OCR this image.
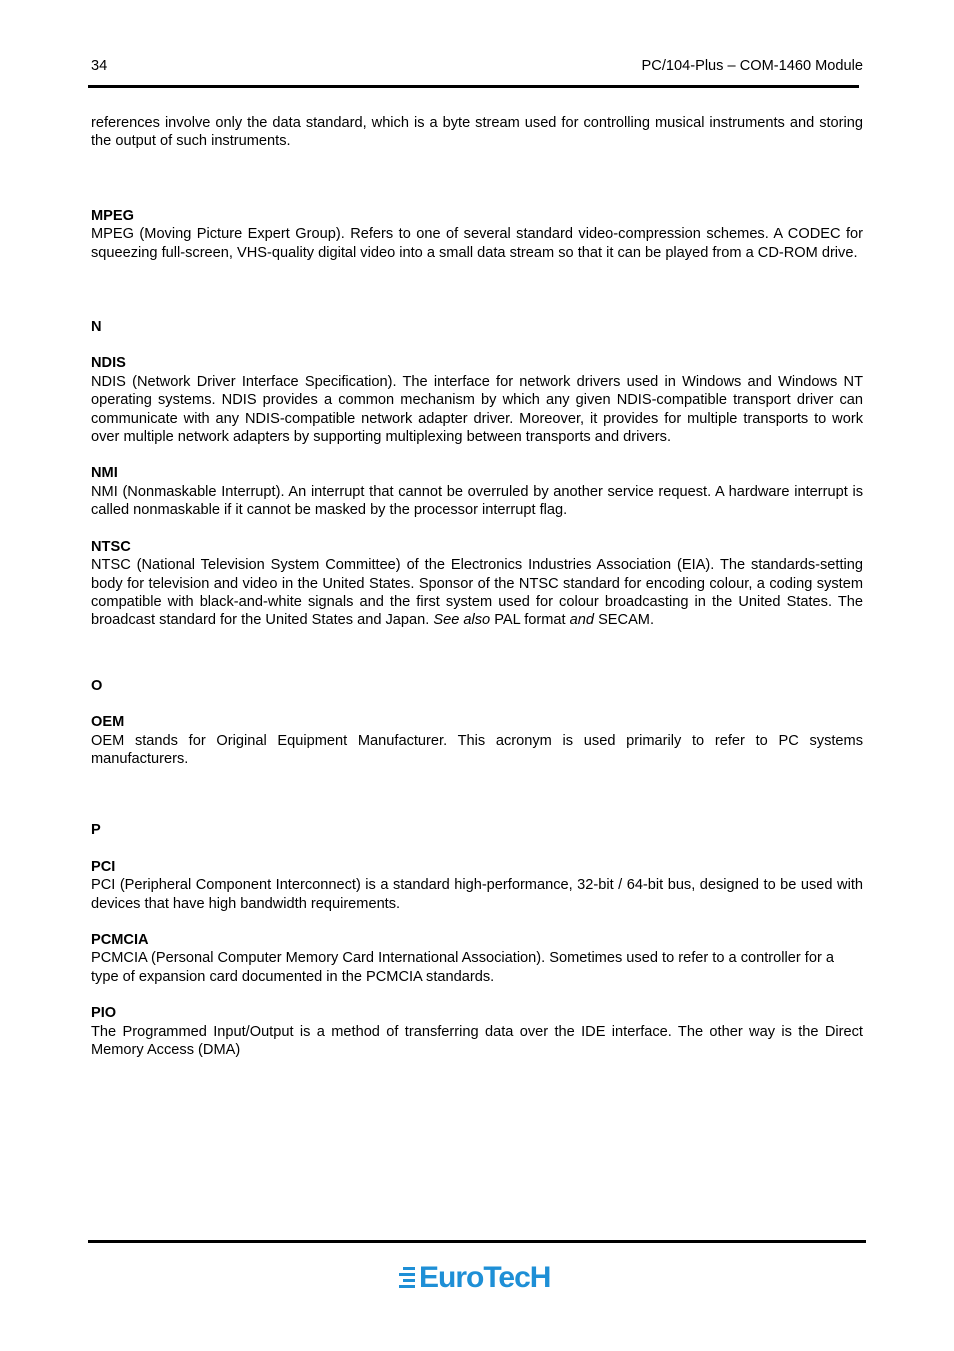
34	PC/104-Plus – COM-1460 Module

references involve only the data standard, which is a byte stream used for controlling musical instruments and storing the output of such instruments.

MPEG

MPEG (Moving Picture Expert Group). Refers to one of several standard video-compression schemes. A CODEC for squeezing full-screen, VHS-quality digital video into a small data stream so that it can be played from a CD-ROM drive.

N
NDIS

NDIS (Network Driver Interface Specification). The interface for network drivers used in Windows and Windows NT operating systems. NDIS provides a common mechanism by which any given NDIS-compatible transport driver can communicate with any NDIS-compatible network adapter driver. Moreover, it provides for multiple transports to work over multiple network adapters by supporting multiplexing between transports and drivers.

NMI

NMI (Nonmaskable Interrupt). An interrupt that cannot be overruled by another service request. A hardware interrupt is called nonmaskable if it cannot be masked by the processor interrupt flag.

NTSC

NTSC (National Television System Committee) of the Electronics Industries Association (EIA). The standards-setting body for television and video in the United States. Sponsor of the NTSC standard for encoding colour, a coding system compatible with black-and-white signals and the first system used for colour broadcasting in the United States. The broadcast standard for the United States and Japan. See also PAL format and SECAM.

O
OEM

OEM stands for Original Equipment Manufacturer. This acronym is used primarily to refer to PC systems manufacturers.

P
PCI

PCI (Peripheral Component Interconnect) is a standard high-performance, 32-bit / 64-bit bus, designed to be used with devices that have high bandwidth requirements.

PCMCIA

PCMCIA (Personal Computer Memory Card International Association). Sometimes used to refer to a controller for a type of expansion card documented in the PCMCIA standards.

PIO

The Programmed Input/Output is a method of transferring data over the IDE interface. The other way is the Direct Memory Access (DMA)

EuroTecH
